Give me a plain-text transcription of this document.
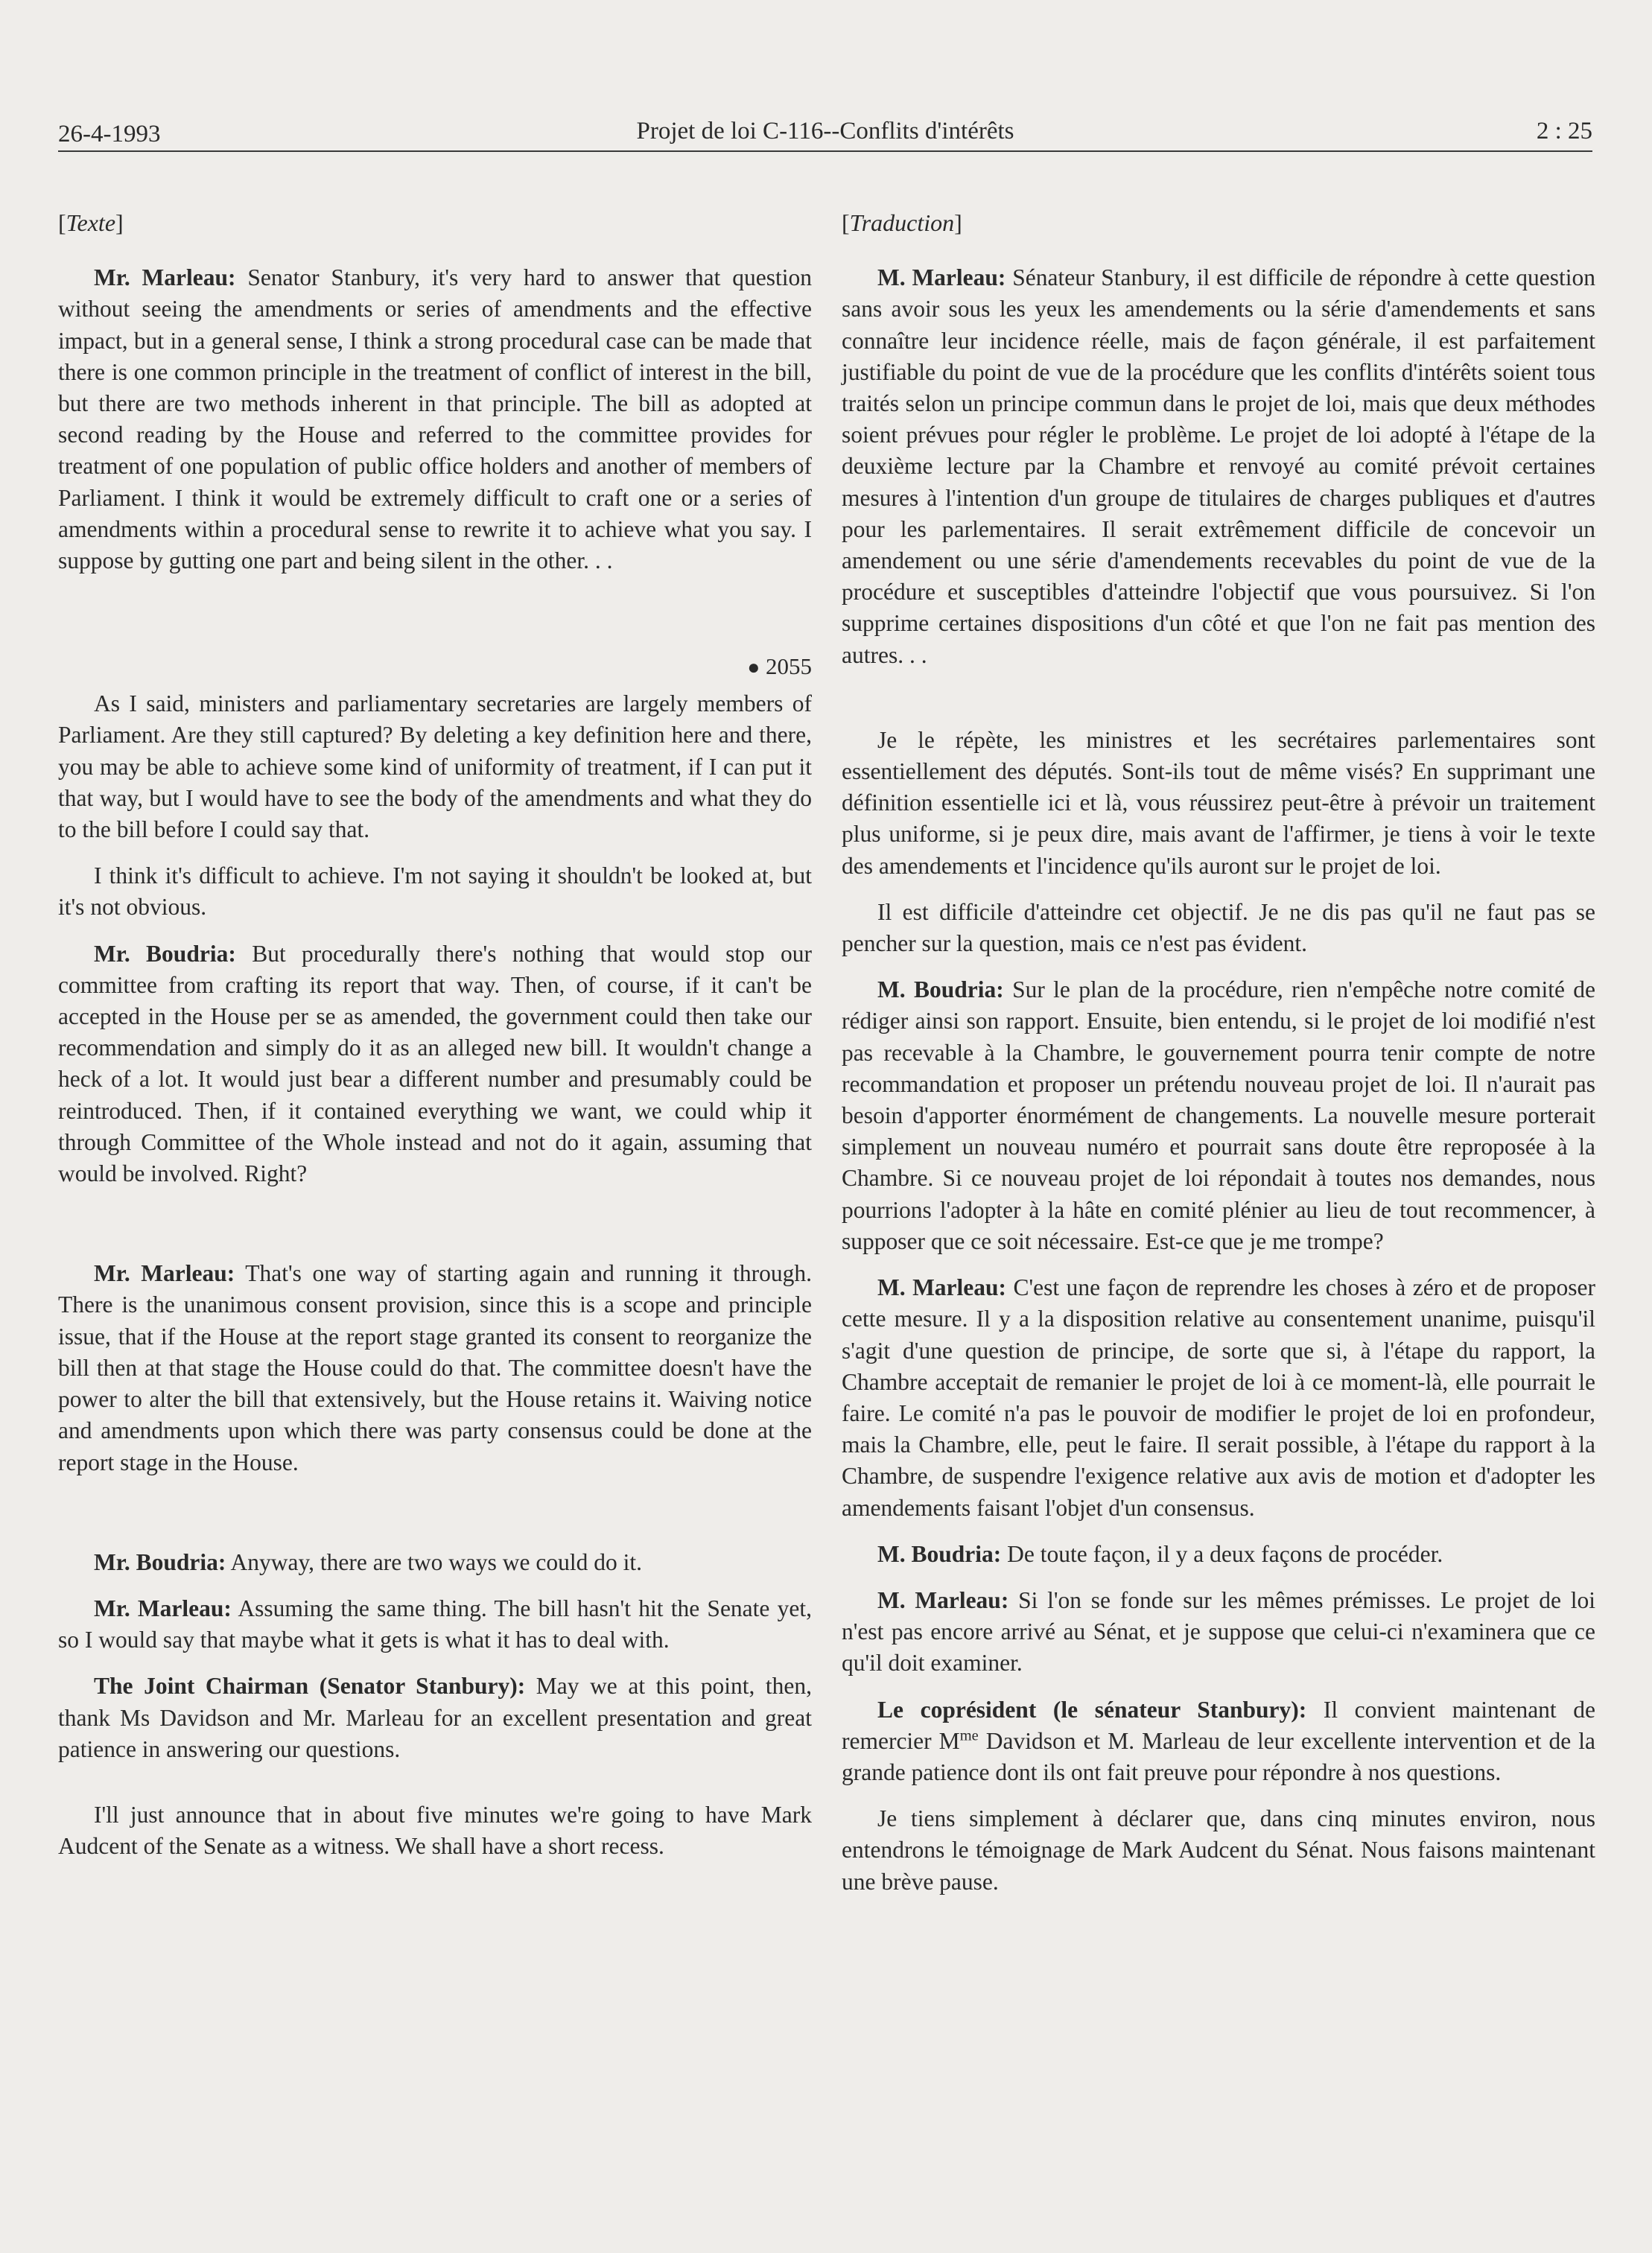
26-4-1993	Projet de loi C-116--Conflits d'intérêts	2 : 25
[Texte]

Mr. Marleau: Senator Stanbury, it's very hard to answer that question without seeing the amendments or series of amendments and the effective impact, but in a general sense, I think a strong procedural case can be made that there is one common principle in the treatment of conflict of interest in the bill, but there are two methods inherent in that principle. The bill as adopted at second reading by the House and referred to the committee provides for treatment of one population of public office holders and another of members of Parliament. I think it would be extremely difficult to craft one or a series of amendments within a procedural sense to rewrite it to achieve what you say. I suppose by gutting one part and being silent in the other. . .

● 2055

As I said, ministers and parliamentary secretaries are largely members of Parliament. Are they still captured? By deleting a key definition here and there, you may be able to achieve some kind of uniformity of treatment, if I can put it that way, but I would have to see the body of the amendments and what they do to the bill before I could say that.

I think it's difficult to achieve. I'm not saying it shouldn't be looked at, but it's not obvious.

Mr. Boudria: But procedurally there's nothing that would stop our committee from crafting its report that way. Then, of course, if it can't be accepted in the House per se as amended, the government could then take our recommendation and simply do it as an alleged new bill. It wouldn't change a heck of a lot. It would just bear a different number and presumably could be reintroduced. Then, if it contained everything we want, we could whip it through Committee of the Whole instead and not do it again, assuming that would be involved. Right?

Mr. Marleau: That's one way of starting again and running it through. There is the unanimous consent provision, since this is a scope and principle issue, that if the House at the report stage granted its consent to reorganize the bill then at that stage the House could do that. The committee doesn't have the power to alter the bill that extensively, but the House retains it. Waiving notice and amendments upon which there was party consensus could be done at the report stage in the House.

Mr. Boudria: Anyway, there are two ways we could do it.

Mr. Marleau: Assuming the same thing. The bill hasn't hit the Senate yet, so I would say that maybe what it gets is what it has to deal with.

The Joint Chairman (Senator Stanbury): May we at this point, then, thank Ms Davidson and Mr. Marleau for an excellent presentation and great patience in answering our questions.

I'll just announce that in about five minutes we're going to have Mark Audcent of the Senate as a witness. We shall have a short recess.

[Traduction]

M. Marleau: Sénateur Stanbury, il est difficile de répondre à cette question sans avoir sous les yeux les amendements ou la série d'amendements et sans connaître leur incidence réelle, mais de façon générale, il est parfaitement justifiable du point de vue de la procédure que les conflits d'intérêts soient tous traités selon un principe commun dans le projet de loi, mais que deux méthodes soient prévues pour régler le problème. Le projet de loi adopté à l'étape de la deuxième lecture par la Chambre et renvoyé au comité prévoit certaines mesures à l'intention d'un groupe de titulaires de charges publiques et d'autres pour les parlementaires. Il serait extrêmement difficile de concevoir un amendement ou une série d'amendements recevables du point de vue de la procédure et susceptibles d'atteindre l'objectif que vous poursuivez. Si l'on supprime certaines dispositions d'un côté et que l'on ne fait pas mention des autres. . .

Je le répète, les ministres et les secrétaires parlementaires sont essentiellement des députés. Sont-ils tout de même visés? En supprimant une définition essentielle ici et là, vous réussirez peut-être à prévoir un traitement plus uniforme, si je peux dire, mais avant de l'affirmer, je tiens à voir le texte des amendements et l'incidence qu'ils auront sur le projet de loi.

Il est difficile d'atteindre cet objectif. Je ne dis pas qu'il ne faut pas se pencher sur la question, mais ce n'est pas évident.

M. Boudria: Sur le plan de la procédure, rien n'empêche notre comité de rédiger ainsi son rapport. Ensuite, bien entendu, si le projet de loi modifié n'est pas recevable à la Chambre, le gouvernement pourra tenir compte de notre recommandation et proposer un prétendu nouveau projet de loi. Il n'aurait pas besoin d'apporter énormément de changements. La nouvelle mesure porterait simplement un nouveau numéro et pourrait sans doute être reproposée à la Chambre. Si ce nouveau projet de loi répondait à toutes nos demandes, nous pourrions l'adopter à la hâte en comité plénier au lieu de tout recommencer, à supposer que ce soit nécessaire. Est-ce que je me trompe?

M. Marleau: C'est une façon de reprendre les choses à zéro et de proposer cette mesure. Il y a la disposition relative au consentement unanime, puisqu'il s'agit d'une question de principe, de sorte que si, à l'étape du rapport, la Chambre acceptait de remanier le projet de loi à ce moment-là, elle pourrait le faire. Le comité n'a pas le pouvoir de modifier le projet de loi en profondeur, mais la Chambre, elle, peut le faire. Il serait possible, à l'étape du rapport à la Chambre, de suspendre l'exigence relative aux avis de motion et d'adopter les amendements faisant l'objet d'un consensus.

M. Boudria: De toute façon, il y a deux façons de procéder.

M. Marleau: Si l'on se fonde sur les mêmes prémisses. Le projet de loi n'est pas encore arrivé au Sénat, et je suppose que celui-ci n'examinera que ce qu'il doit examiner.

Le coprésident (le sénateur Stanbury): Il convient maintenant de remercier $M^{me}$ Davidson et M. Marleau de leur excellente intervention et de la grande patience dont ils ont fait preuve pour répondre à nos questions.

Je tiens simplement à déclarer que, dans cinq minutes environ, nous entendrons le témoignage de Mark Audcent du Sénat. Nous faisons maintenant une brève pause.
